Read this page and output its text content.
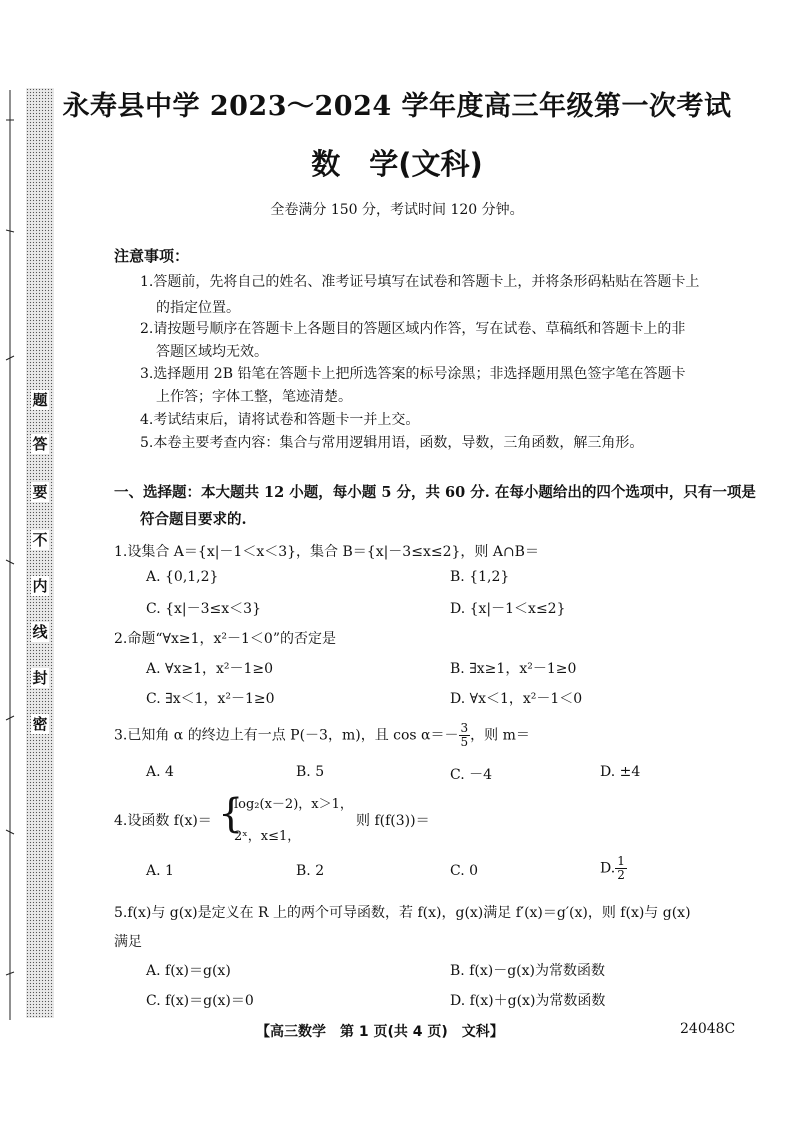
题
答
要
不
内
线
封
密
永寿县中学 2023～2024 学年度高三年级第一次考试
数　学(文科)
全卷满分 150 分，考试时间 120 分钟。
注意事项：
1.答题前，先将自己的姓名、准考证号填写在试卷和答题卡上，并将条形码粘贴在答题卡上
的指定位置。
2.请按题号顺序在答题卡上各题目的答题区域内作答，写在试卷、草稿纸和答题卡上的非
答题区域均无效。
3.选择题用 2B 铅笔在答题卡上把所选答案的标号涂黑；非选择题用黑色签字笔在答题卡
上作答；字体工整，笔迹清楚。
4.考试结束后，请将试卷和答题卡一并上交。
5.本卷主要考查内容：集合与常用逻辑用语，函数，导数，三角函数，解三角形。
一、选择题：本大题共 12 小题，每小题 5 分，共 60 分. 在每小题给出的四个选项中，只有一项是
符合题目要求的.
1.设集合 A＝{x|－1＜x＜3}，集合 B＝{x|－3≤x≤2}，则 A∩B＝
A. {0,1,2}	B. {1,2}
C. {x|－3≤x＜3}	D. {x|－1＜x≤2}
2.命题“∀x≥1，x²－1＜0”的否定是
A. ∀x≥1，x²－1≥0	B. ∃x≥1，x²－1≥0
C. ∃x＜1，x²－1≥0	D. ∀x＜1，x²－1＜0
3.已知角 α 的终边上有一点 P(－3，m)，且 $\cos \alpha=- \frac{3}{5}$ ，则 m＝
A. 4	B. 5	C. －4	D. ±4
4.设函数 f(x)＝ {
log₂(x－2)，x＞1，
2ˣ，x≤1，
则 f(f(3))＝
A. 1	B. 2	C. 0	D. $\frac{1}{2}$
5.f(x)与 g(x)是定义在 R 上的两个可导函数，若 f(x)，g(x)满足 f′(x)＝g′(x)，则 f(x)与 g(x)
满足
A. f(x)＝g(x)	B. f(x)－g(x)为常数函数
C. f(x)＝g(x)＝0	D. f(x)＋g(x)为常数函数
【高三数学　第 1 页(共 4 页)　文科】	24048C
